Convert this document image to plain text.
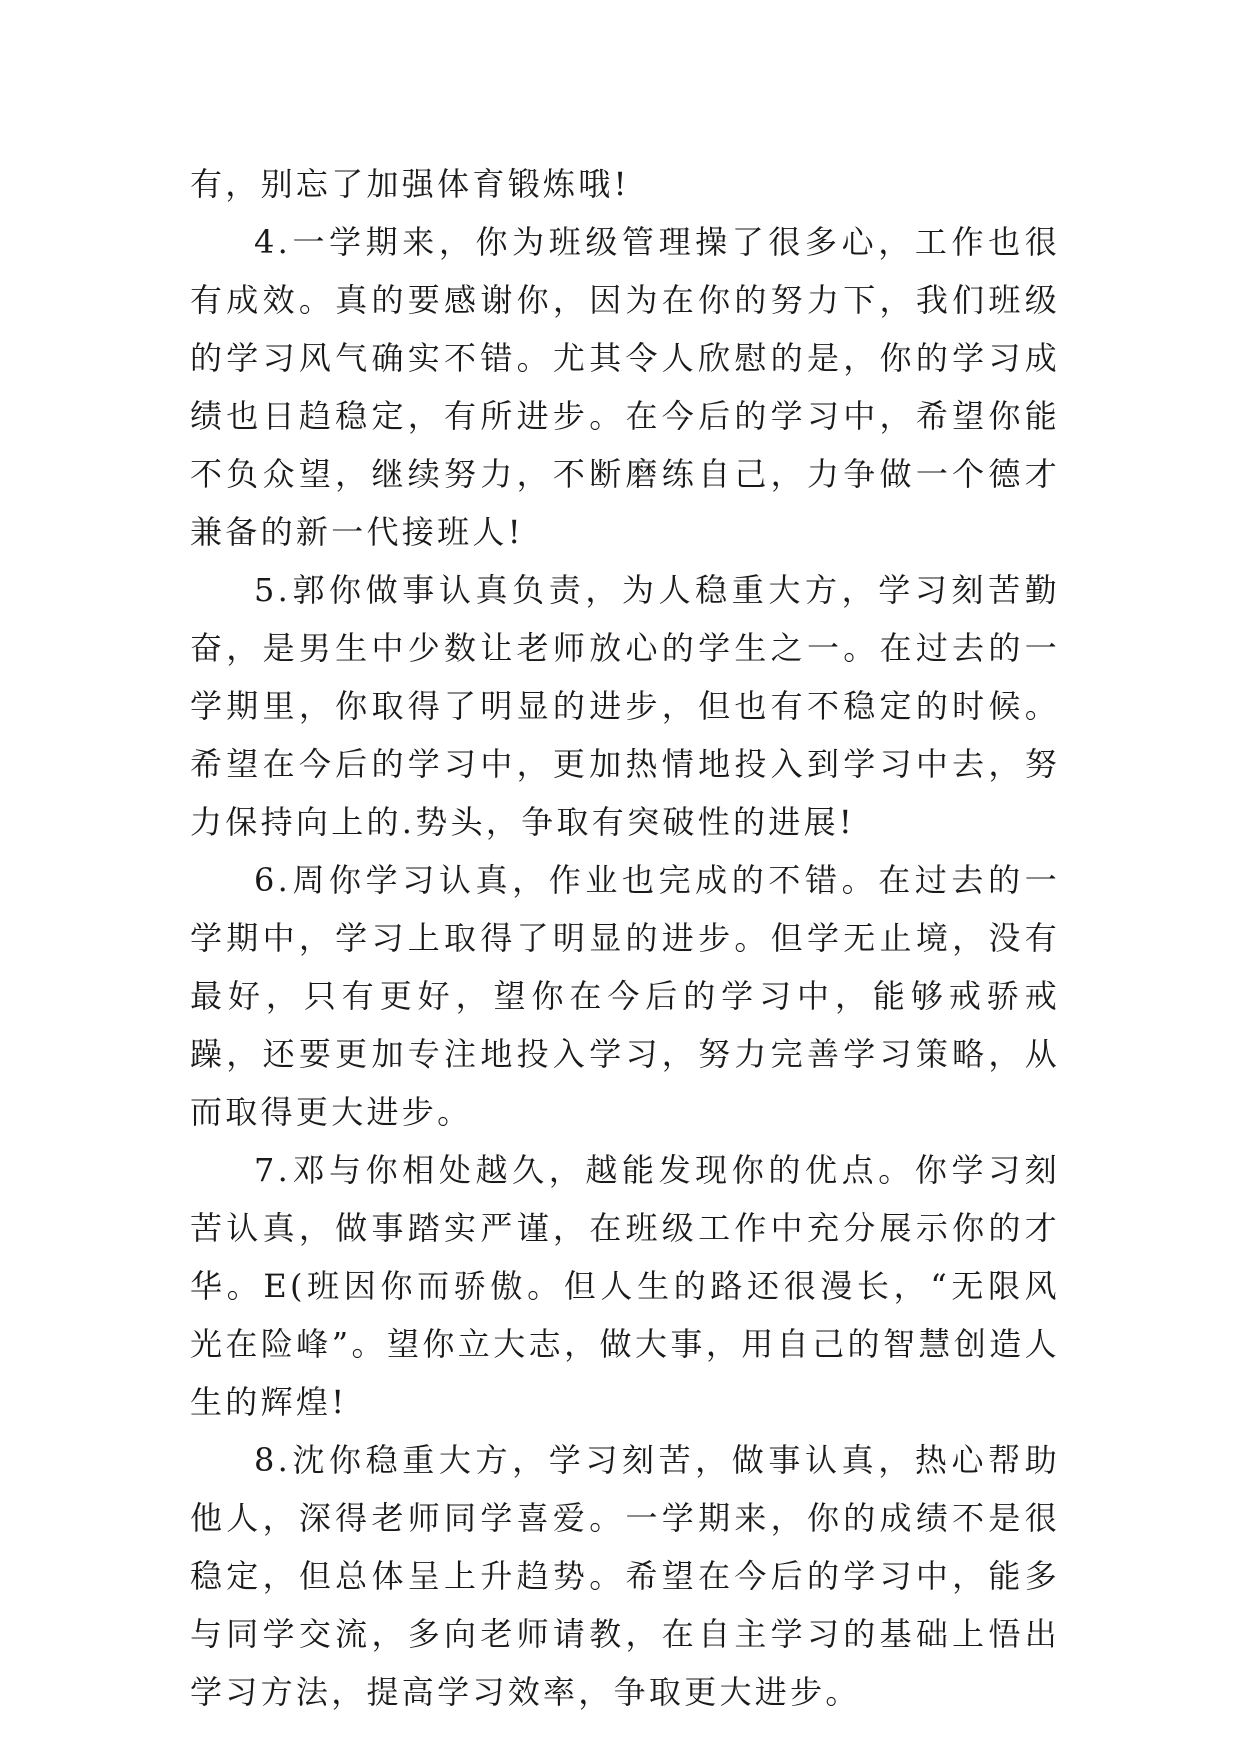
有，别忘了加强体育锻炼哦!

4.一学期来，你为班级管理操了很多心，工作也很有成效。真的要感谢你，因为在你的努力下，我们班级的学习风气确实不错。尤其令人欣慰的是，你的学习成绩也日趋稳定，有所进步。在今后的学习中，希望你能不负众望，继续努力，不断磨练自己，力争做一个德才兼备的新一代接班人!

5.郭你做事认真负责，为人稳重大方，学习刻苦勤奋，是男生中少数让老师放心的学生之一。在过去的一学期里，你取得了明显的进步，但也有不稳定的时候。希望在今后的学习中，更加热情地投入到学习中去，努力保持向上的.势头，争取有突破性的进展!

6.周你学习认真，作业也完成的不错。在过去的一学期中，学习上取得了明显的进步。但学无止境，没有最好，只有更好，望你在今后的学习中，能够戒骄戒躁，还要更加专注地投入学习，努力完善学习策略，从而取得更大进步。

7.邓与你相处越久，越能发现你的优点。你学习刻苦认真，做事踏实严谨，在班级工作中充分展示你的才华。E(班因你而骄傲。但人生的路还很漫长，“无限风光在险峰”。望你立大志，做大事，用自己的智慧创造人生的辉煌!

8.沈你稳重大方，学习刻苦，做事认真，热心帮助他人，深得老师同学喜爱。一学期来，你的成绩不是很稳定，但总体呈上升趋势。希望在今后的学习中，能多与同学交流，多向老师请教，在自主学习的基础上悟出学习方法，提高学习效率，争取更大进步。
